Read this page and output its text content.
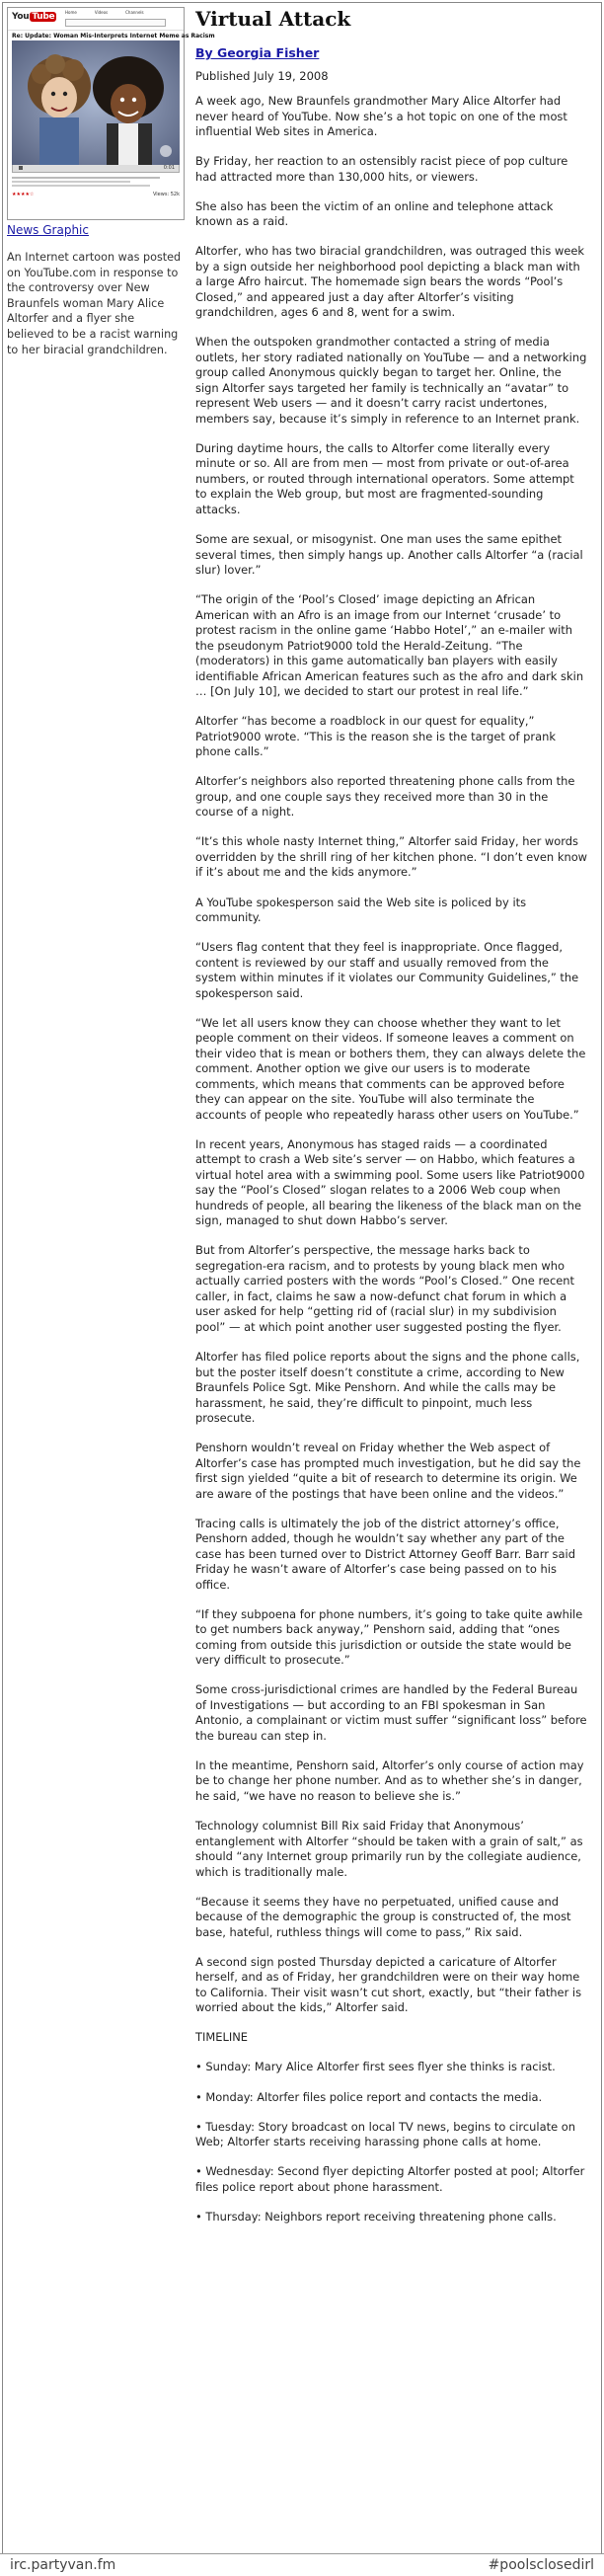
You Tube	Home	Videos	Channels
Re: Update: Woman Mis-Interprets Internet Meme as Racism
0:01
★★★★☆	Views: 52k
News Graphic
An Internet cartoon was posted on YouTube.com in response to the controversy over New Braunfels woman Mary Alice Altorfer and a flyer she believed to be a racist warning to her biracial grandchildren.
Virtual Attack
By Georgia Fisher

Published July 19, 2008

A week ago, New Braunfels grandmother Mary Alice Altorfer had never heard of YouTube. Now she’s a hot topic on one of the most influential Web sites in America.

By Friday, her reaction to an ostensibly racist piece of pop culture had attracted more than 130,000 hits, or viewers.

She also has been the victim of an online and telephone attack known as a raid.

Altorfer, who has two biracial grandchildren, was outraged this week by a sign outside her neighborhood pool depicting a black man with a large Afro haircut. The homemade sign bears the words “Pool’s Closed,” and appeared just a day after Altorfer’s visiting grandchildren, ages 6 and 8, went for a swim.

When the outspoken grandmother contacted a string of media outlets, her story radiated nationally on YouTube — and a networking group called Anonymous quickly began to target her. Online, the sign Altorfer says targeted her family is technically an “avatar” to represent Web users — and it doesn’t carry racist undertones, members say, because it’s simply in reference to an Internet prank.

During daytime hours, the calls to Altorfer come literally every minute or so. All are from men — most from private or out-of-area numbers, or routed through international operators. Some attempt to explain the Web group, but most are fragmented-sounding attacks.

Some are sexual, or misogynist. One man uses the same epithet several times, then simply hangs up. Another calls Altorfer “a (racial slur) lover.”

“The origin of the ‘Pool’s Closed’ image depicting an African American with an Afro is an image from our Internet ‘crusade’ to protest racism in the online game ‘Habbo Hotel’,” an e-mailer with the pseudonym Patriot9000 told the Herald-Zeitung. “The (moderators) in this game automatically ban players with easily identifiable African American features such as the afro and dark skin … [On July 10], we decided to start our protest in real life.”

Altorfer “has become a roadblock in our quest for equality,” Patriot9000 wrote. “This is the reason she is the target of prank phone calls.”

Altorfer’s neighbors also reported threatening phone calls from the group, and one couple says they received more than 30 in the course of a night.

“It’s this whole nasty Internet thing,” Altorfer said Friday, her words overridden by the shrill ring of her kitchen phone. “I don’t even know if it’s about me and the kids anymore.”

A YouTube spokesperson said the Web site is policed by its community.

“Users flag content that they feel is inappropriate. Once flagged, content is reviewed by our staff and usually removed from the system within minutes if it violates our Community Guidelines,” the spokesperson said.

“We let all users know they can choose whether they want to let people comment on their videos. If someone leaves a comment on their video that is mean or bothers them, they can always delete the comment. Another option we give our users is to moderate comments, which means that comments can be approved before they can appear on the site. YouTube will also terminate the accounts of people who repeatedly harass other users on YouTube.”

In recent years, Anonymous has staged raids — a coordinated attempt to crash a Web site’s server — on Habbo, which features a virtual hotel area with a swimming pool. Some users like Patriot9000 say the “Pool’s Closed” slogan relates to a 2006 Web coup when hundreds of people, all bearing the likeness of the black man on the sign, managed to shut down Habbo’s server.

But from Altorfer’s perspective, the message harks back to segregation-era racism, and to protests by young black men who actually carried posters with the words “Pool’s Closed.” One recent caller, in fact, claims he saw a now-defunct chat forum in which a user asked for help “getting rid of (racial slur) in my subdivision pool” — at which point another user suggested posting the flyer.

Altorfer has filed police reports about the signs and the phone calls, but the poster itself doesn’t constitute a crime, according to New Braunfels Police Sgt. Mike Penshorn. And while the calls may be harassment, he said, they’re difficult to pinpoint, much less prosecute.

Penshorn wouldn’t reveal on Friday whether the Web aspect of Altorfer’s case has prompted much investigation, but he did say the first sign yielded “quite a bit of research to determine its origin. We are aware of the postings that have been online and the videos.”

Tracing calls is ultimately the job of the district attorney’s office, Penshorn added, though he wouldn’t say whether any part of the case has been turned over to District Attorney Geoff Barr. Barr said Friday he wasn’t aware of Altorfer’s case being passed on to his office.

“If they subpoena for phone numbers, it’s going to take quite awhile to get numbers back anyway,” Penshorn said, adding that “ones coming from outside this jurisdiction or outside the state would be very difficult to prosecute.”

Some cross-jurisdictional crimes are handled by the Federal Bureau of Investigations — but according to an FBI spokesman in San Antonio, a complainant or victim must suffer “significant loss” before the bureau can step in.

In the meantime, Penshorn said, Altorfer’s only course of action may be to change her phone number. And as to whether she’s in danger, he said, “we have no reason to believe she is.”

Technology columnist Bill Rix said Friday that Anonymous’ entanglement with Altorfer “should be taken with a grain of salt,” as should “any Internet group primarily run by the collegiate audience, which is traditionally male.

“Because it seems they have no perpetuated, unified cause and because of the demographic the group is constructed of, the most base, hateful, ruthless things will come to pass,” Rix said.

A second sign posted Thursday depicted a caricature of Altorfer herself, and as of Friday, her grandchildren were on their way home to California. Their visit wasn’t cut short, exactly, but “their father is worried about the kids,” Altorfer said.

TIMELINE

• Sunday: Mary Alice Altorfer first sees flyer she thinks is racist.

• Monday: Altorfer files police report and contacts the media.

• Tuesday: Story broadcast on local TV news, begins to circulate on Web; Altorfer starts receiving harassing phone calls at home.

• Wednesday: Second flyer depicting Altorfer posted at pool; Altorfer files police report about phone harassment.

• Thursday: Neighbors report receiving threatening phone calls.

irc.partyvan.fm	#poolsclosedirl
